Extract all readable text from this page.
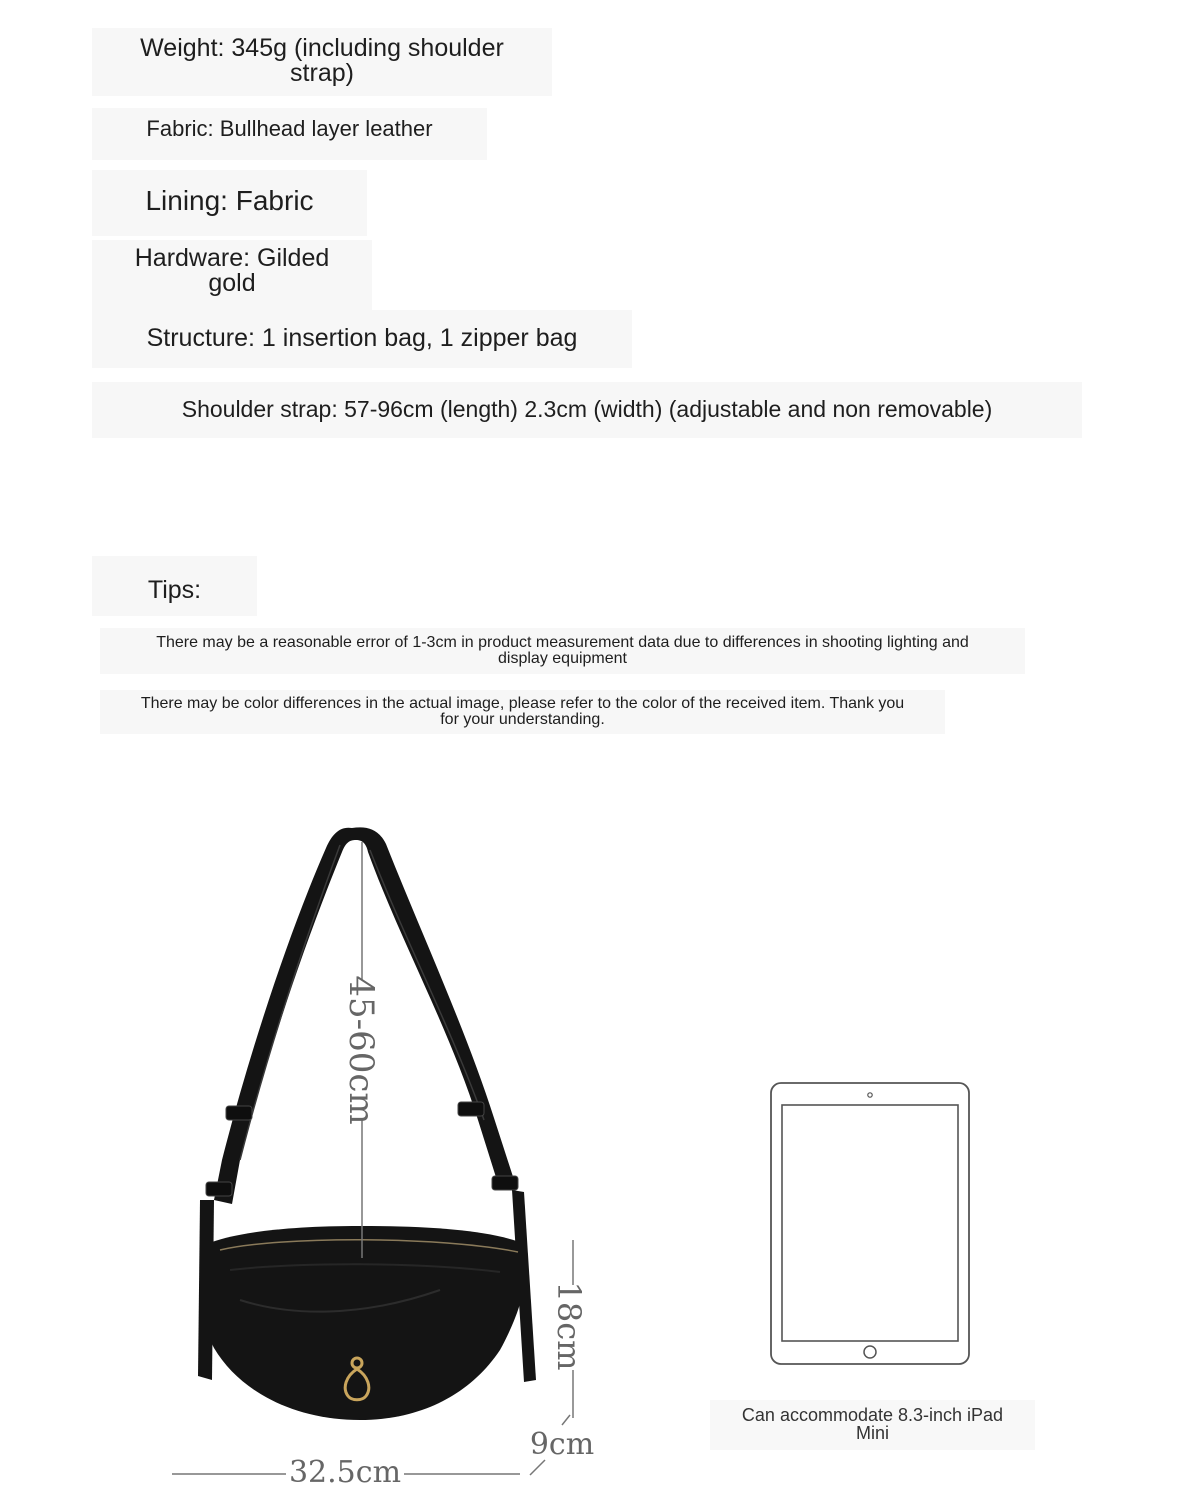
Weight: 345g (including shoulder
strap)
Fabric: Bullhead layer leather
Lining: Fabric
Hardware: Gilded
gold
Structure: 1 insertion bag, 1 zipper bag
Shoulder strap: 57-96cm (length) 2.3cm (width) (adjustable and non removable)
Tips:
There may be a reasonable error of 1-3cm in product measurement data due to differences in shooting lighting and
display equipment
There may be color differences in the actual image, please refer to the color of the received item. Thank you
for your understanding.
45-60cm
18cm
9cm
32.5cm
Can accommodate 8.3-inch iPad
Mini
